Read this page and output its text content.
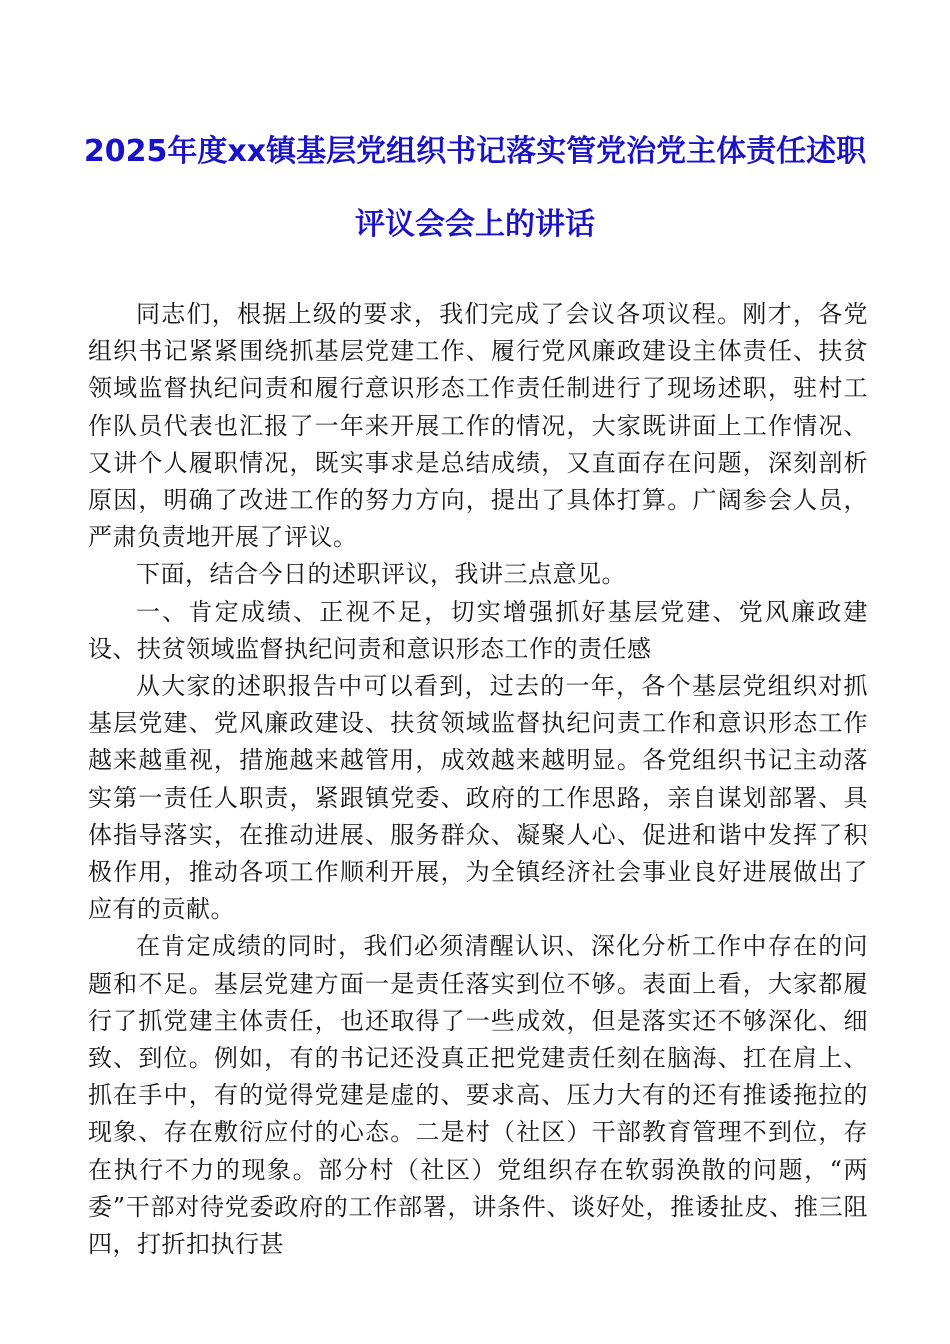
2025年度xx镇基层党组织书记落实管党治党主体责任述职
评议会会上的讲话

同志们，根据上级的要求，我们完成了会议各项议程。刚才，各党组织书记紧紧围绕抓基层党建工作、履行党风廉政建设主体责任、扶贫领域监督执纪问责和履行意识形态工作责任制进行了现场述职，驻村工作队员代表也汇报了一年来开展工作的情况，大家既讲面上工作情况、又讲个人履职情况，既实事求是总结成绩，又直面存在问题，深刻剖析原因，明确了改进工作的努力方向，提出了具体打算。广阔参会人员，严肃负责地开展了评议。

下面，结合今日的述职评议，我讲三点意见。

一、肯定成绩、正视不足，切实增强抓好基层党建、党风廉政建设、扶贫领域监督执纪问责和意识形态工作的责任感

从大家的述职报告中可以看到，过去的一年，各个基层党组织对抓基层党建、党风廉政建设、扶贫领域监督执纪问责工作和意识形态工作越来越重视，措施越来越管用，成效越来越明显。各党组织书记主动落实第一责任人职责，紧跟镇党委、政府的工作思路，亲自谋划部署、具体指导落实，在推动进展、服务群众、凝聚人心、促进和谐中发挥了积极作用，推动各项工作顺利开展，为全镇经济社会事业良好进展做出了应有的贡献。

在肯定成绩的同时，我们必须清醒认识、深化分析工作中存在的问题和不足。基层党建方面一是责任落实到位不够。表面上看，大家都履行了抓党建主体责任，也还取得了一些成效，但是落实还不够深化、细致、到位。例如，有的书记还没真正把党建责任刻在脑海、扛在肩上、抓在手中，有的觉得党建是虚的、要求高、压力大有的还有推诿拖拉的现象、存在敷衍应付的心态。二是村（社区）干部教育管理不到位，存在执行不力的现象。部分村（社区）党组织存在软弱涣散的问题，“两委”干部对待党委政府的工作部署，讲条件、谈好处，推诿扯皮、推三阻四，打折扣执行甚
